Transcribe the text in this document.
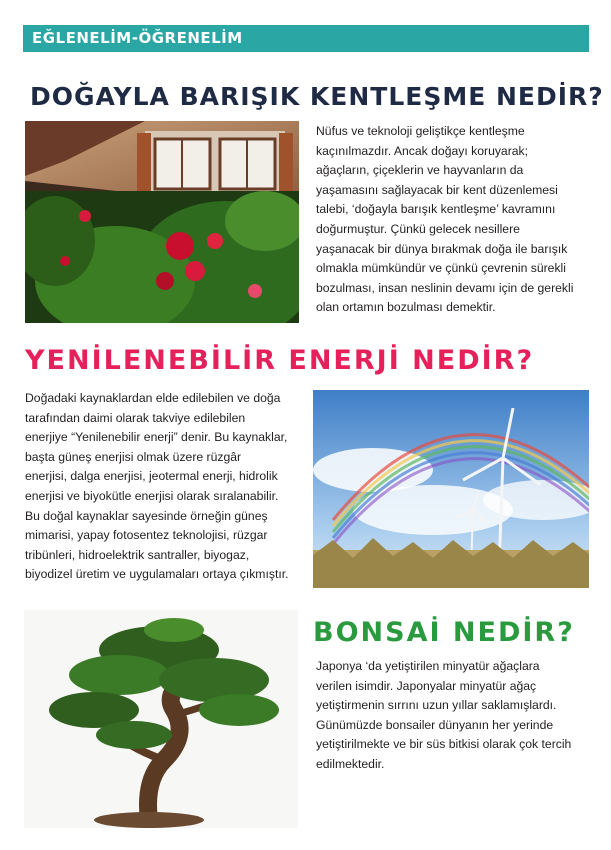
EĞLENELİM-ÖĞRENELİM
DOĞAYLA BARIŞIK KENTLEŞME NEDİR?
Nüfus ve teknoloji geliştikçe kentleşme
kaçınılmazdır. Ancak doğayı koruyarak;
ağaçların, çiçeklerin ve hayvanların da
yaşamasını sağlayacak bir kent düzenlemesi
talebi, ‘doğayla barışık kentleşme’ kavramını
doğurmuştur. Çünkü gelecek nesillere
yaşanacak bir dünya bırakmak doğa ile barışık
olmakla mümkündür ve çünkü çevrenin sürekli
bozulması, insan neslinin devamı için de gerekli
olan ortamın bozulması demektir.
YENİLENEBİLİR ENERJİ NEDİR?
Doğadaki kaynaklardan elde edilebilen ve doğa
tarafından daimi olarak takviye edilebilen
enerjiye “Yenilenebilir enerji” denir. Bu kaynaklar,
başta güneş enerjisi olmak üzere rüzgâr
enerjisi, dalga enerjisi, jeotermal enerji, hidrolik
enerjisi ve biyokütle enerjisi olarak sıralanabilir.
Bu doğal kaynaklar sayesinde örneğin güneş
mimarisi, yapay fotosentez teknolojisi, rüzgar
tribünleri, hidroelektrik santraller, biyogaz,
biyodizel üretim ve uygulamaları ortaya çıkmıştır.
BONSAİ NEDİR?
Japonya ‘da yetiştirilen minyatür ağaçlara
verilen isimdir. Japonyalar minyatür ağaç
yetiştirmenin sırrını uzun yıllar saklamışlardı.
Günümüzde bonsailer dünyanın her yerinde
yetiştirilmekte ve bir süs bitkisi olarak çok tercih
edilmektedir.
